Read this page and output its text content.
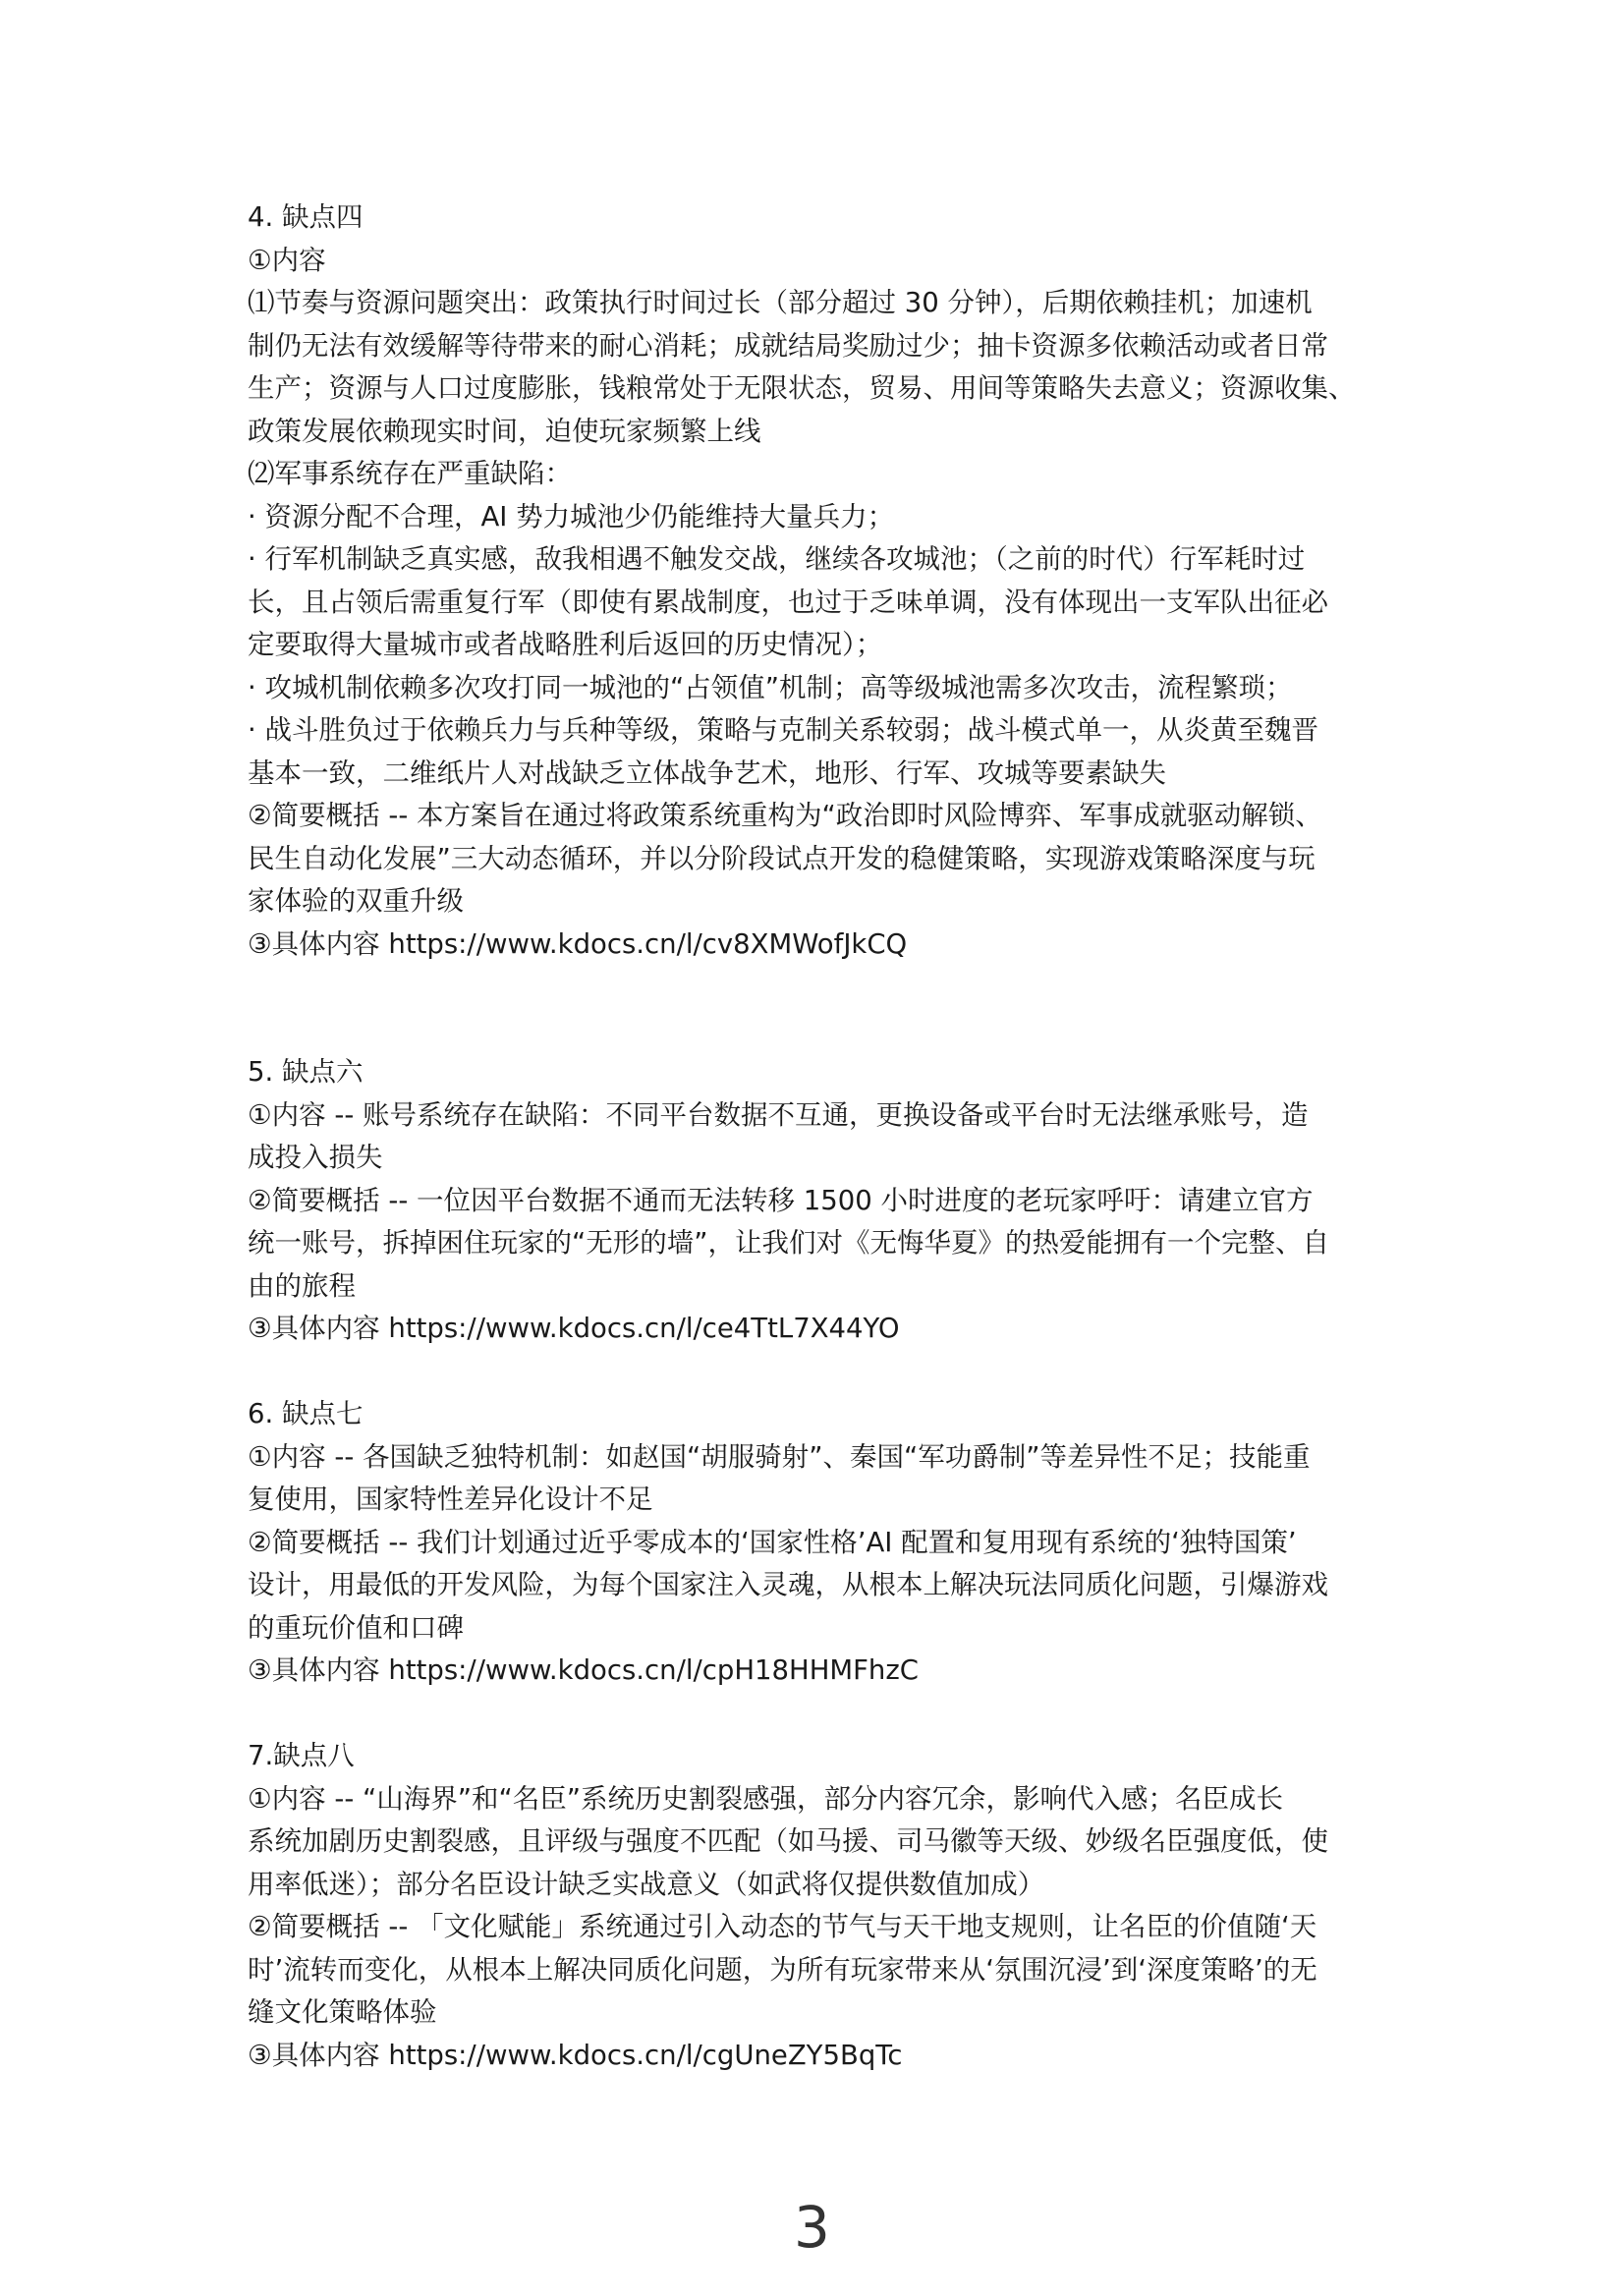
4. 缺点四
①内容
⑴节奏与资源问题突出：政策执行时间过长（部分超过 30 分钟），后期依赖挂机；加速机
制仍无法有效缓解等待带来的耐心消耗；成就结局奖励过少；抽卡资源多依赖活动或者日常
生产；资源与人口过度膨胀，钱粮常处于无限状态，贸易、用间等策略失去意义；资源收集、
政策发展依赖现实时间，迫使玩家频繁上线
⑵军事系统存在严重缺陷：
· 资源分配不合理，AI 势力城池少仍能维持大量兵力；
· 行军机制缺乏真实感，敌我相遇不触发交战，继续各攻城池；（之前的时代）行军耗时过
长，且占领后需重复行军（即使有累战制度，也过于乏味单调，没有体现出一支军队出征必
定要取得大量城市或者战略胜利后返回的历史情况）；
· 攻城机制依赖多次攻打同一城池的“占领值”机制；高等级城池需多次攻击，流程繁琐；
· 战斗胜负过于依赖兵力与兵种等级，策略与克制关系较弱；战斗模式单一，从炎黄至魏晋
基本一致，二维纸片人对战缺乏立体战争艺术，地形、行军、攻城等要素缺失
②简要概括 -- 本方案旨在通过将政策系统重构为“政治即时风险博弈、军事成就驱动解锁、
民生自动化发展”三大动态循环，并以分阶段试点开发的稳健策略，实现游戏策略深度与玩
家体验的双重升级
③具体内容 https://www.kdocs.cn/l/cv8XMWofJkCQ
5. 缺点六
①内容 -- 账号系统存在缺陷：不同平台数据不互通，更换设备或平台时无法继承账号，造
成投入损失
②简要概括 -- 一位因平台数据不通而无法转移 1500 小时进度的老玩家呼吁：请建立官方
统一账号，拆掉困住玩家的“无形的墙”，让我们对《无悔华夏》的热爱能拥有一个完整、自
由的旅程
③具体内容 https://www.kdocs.cn/l/ce4TtL7X44YO
6. 缺点七
①内容 -- 各国缺乏独特机制：如赵国“胡服骑射”、秦国“军功爵制”等差异性不足；技能重
复使用，国家特性差异化设计不足
②简要概括 -- 我们计划通过近乎零成本的‘国家性格’AI 配置和复用现有系统的‘独特国策’
设计，用最低的开发风险，为每个国家注入灵魂，从根本上解决玩法同质化问题，引爆游戏
的重玩价值和口碑
③具体内容 https://www.kdocs.cn/l/cpH18HHMFhzC
7.缺点八
①内容 -- “山海界”和“名臣”系统历史割裂感强，部分内容冗余，影响代入感；名臣成长
系统加剧历史割裂感，且评级与强度不匹配（如马援、司马徽等天级、妙级名臣强度低，使
用率低迷）；部分名臣设计缺乏实战意义（如武将仅提供数值加成）
②简要概括 -- 「文化赋能」系统通过引入动态的节气与天干地支规则，让名臣的价值随‘天
时’流转而变化，从根本上解决同质化问题，为所有玩家带来从‘氛围沉浸’到‘深度策略’的无
缝文化策略体验
③具体内容 https://www.kdocs.cn/l/cgUneZY5BqTc
3
